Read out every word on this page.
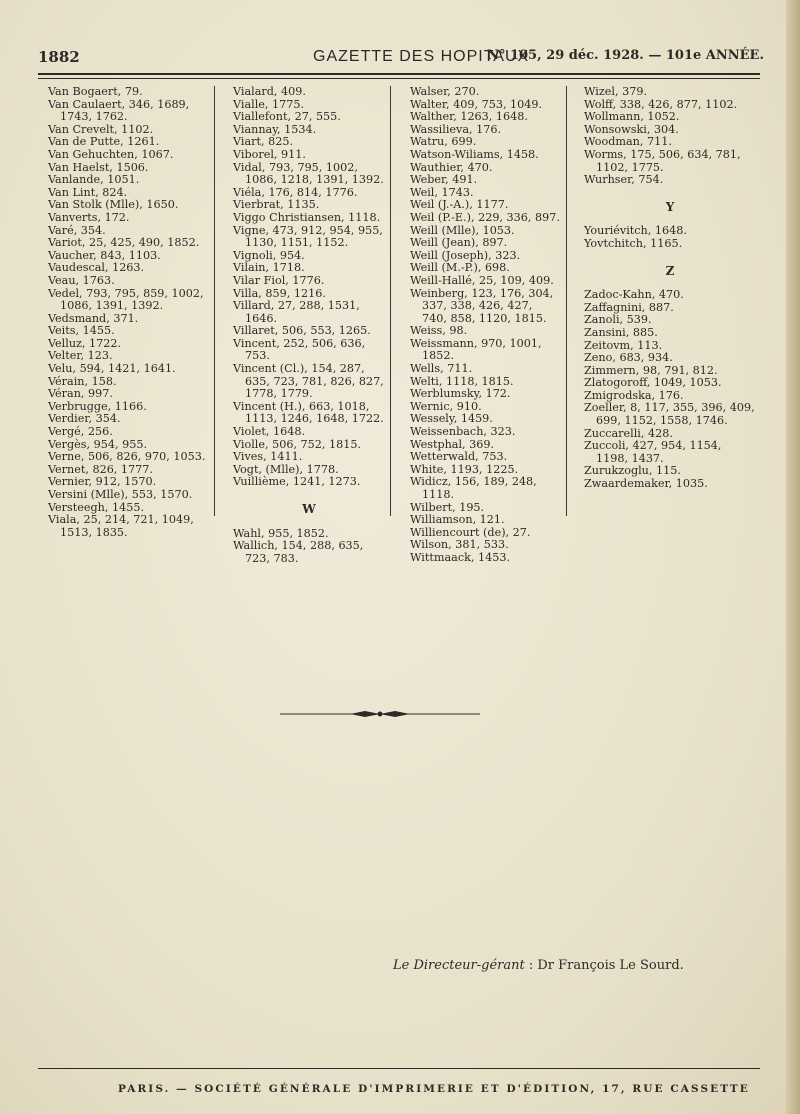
1882	GAZETTE DES HOPITAUX
N° 105, 29 déc. 1928. — 101e ANNÉE.

Van Bogaert, 79.

Van Caulaert, 346, 1689, 1743, 1762.

Van Crevelt, 1102.

Van de Putte, 1261.

Van Gehuchten, 1067.

Van Haelst, 1506.

Vanlande, 1051.

Van Lint, 824.

Van Stolk (Mlle), 1650.

Vanverts, 172.

Varé, 354.

Variot, 25, 425, 490, 1852.

Vaucher, 843, 1103.

Vaudescal, 1263.

Veau, 1763.

Vedel, 793, 795, 859, 1002, 1086, 1391, 1392.

Vedsmand, 371.

Veits, 1455.

Velluz, 1722.

Velter, 123.

Velu, 594, 1421, 1641.

Vérain, 158.

Véran, 997.

Verbrugge, 1166.

Verdier, 354.

Vergé, 256.

Vergès, 954, 955.

Verne, 506, 826, 970, 1053.

Vernet, 826, 1777.

Vernier, 912, 1570.

Versini (Mlle), 553, 1570.

Versteegh, 1455.

Viala, 25, 214, 721, 1049, 1513, 1835.

Vialard, 409.

Vialle, 1775.

Viallefont, 27, 555.

Viannay, 1534.

Viart, 825.

Viborel, 911.

Vidal, 793, 795, 1002, 1086, 1218, 1391, 1392.

Viéla, 176, 814, 1776.

Vierbrat, 1135.

Viggo Christiansen, 1118.

Vigne, 473, 912, 954, 955, 1130, 1151, 1152.

Vignoli, 954.

Vilain, 1718.

Vilar Fiol, 1776.

Villa, 859, 1216.

Villard, 27, 288, 1531, 1646.

Villaret, 506, 553, 1265.

Vincent, 252, 506, 636, 753.

Vincent (Cl.), 154, 287, 635, 723, 781, 826, 827, 1778, 1779.

Vincent (H.), 663, 1018, 1113, 1246, 1648, 1722.

Violet, 1648.

Violle, 506, 752, 1815.

Vives, 1411.

Vogt, (Mlle), 1778.

Vuillième, 1241, 1273.

W

Wahl, 955, 1852.

Wallich, 154, 288, 635, 723, 783.

Walser, 270.

Walter, 409, 753, 1049.

Walther, 1263, 1648.

Wassilieva, 176.

Watru, 699.

Watson-Wiliams, 1458.

Wauthier, 470.

Weber, 491.

Weil, 1743.

Weil (J.-A.), 1177.

Weil (P.-E.), 229, 336, 897.

Weill (Mlle), 1053.

Weill (Jean), 897.

Weill (Joseph), 323.

Weill (M.-P.), 698.

Weill-Hallé, 25, 109, 409.

Weinberg, 123, 176, 304, 337, 338, 426, 427, 740, 858, 1120, 1815.

Weiss, 98.

Weissmann, 970, 1001, 1852.

Wells, 711.

Welti, 1118, 1815.

Werblumsky, 172.

Wernic, 910.

Wessely, 1459.

Weissenbach, 323.

Westphal, 369.

Wetterwald, 753.

White, 1193, 1225.

Widicz, 156, 189, 248, 1118.

Wilbert, 195.

Williamson, 121.

Williencourt (de), 27.

Wilson, 381, 533.

Wittmaack, 1453.

Wizel, 379.

Wolff, 338, 426, 877, 1102.

Wollmann, 1052.

Wonsowski, 304.

Woodman, 711.

Worms, 175, 506, 634, 781, 1102, 1775.

Wurhser, 754.

Y

Youriévitch, 1648.

Yovtchitch, 1165.

Z

Zadoc-Kahn, 470.

Zaffagnini, 887.

Zanoli, 539.

Zansini, 885.

Zeitovm, 113.

Zeno, 683, 934.

Zimmern, 98, 791, 812.

Zlatogoroff, 1049, 1053.

Zmigrodska, 176.

Zoeller, 8, 117, 355, 396, 409, 699, 1152, 1558, 1746.

Zuccarelli, 428.

Zuccoli, 427, 954, 1154, 1198, 1437.

Zurukzoglu, 115.

Zwaardemaker, 1035.

Le Directeur-gérant : Dr François Le Sourd.
PARIS. — SOCIÉTÉ GÉNÉRALE D'IMPRIMERIE ET D'ÉDITION, 17, RUE CASSETTE
